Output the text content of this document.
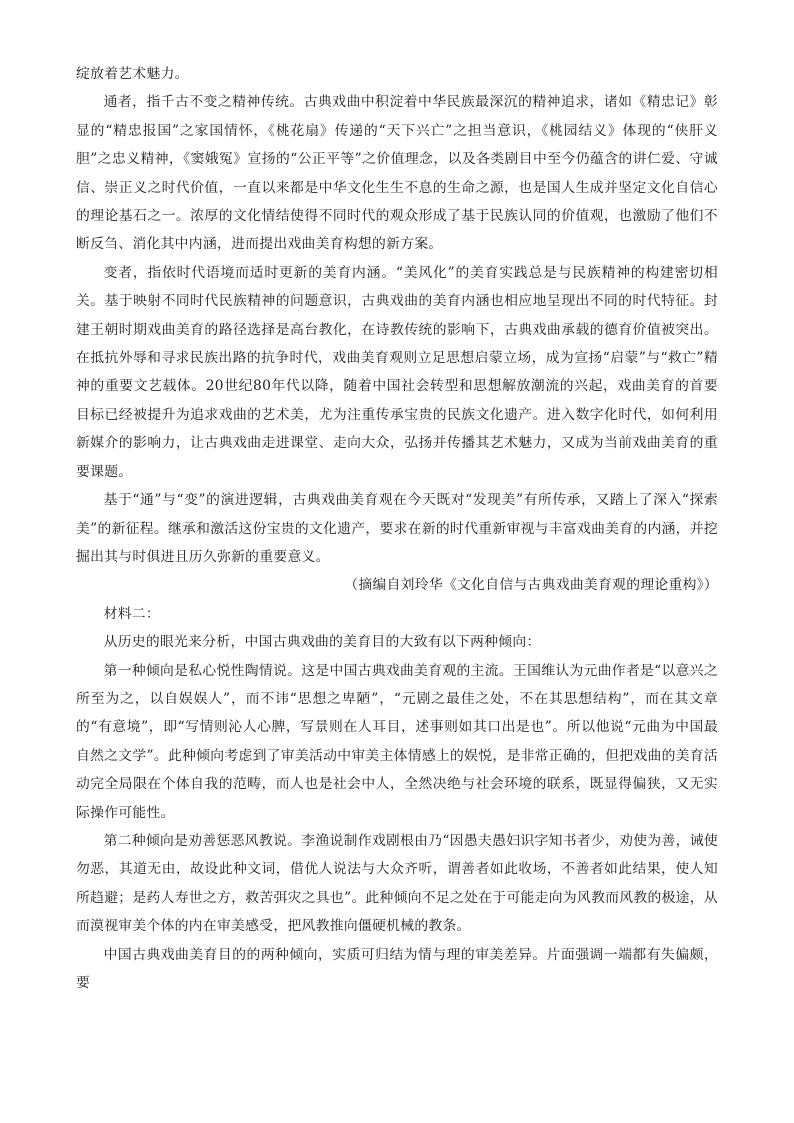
绽放着艺术魅力。

通者，指千古不变之精神传统。古典戏曲中积淀着中华民族最深沉的精神追求，诸如《精忠记》彰显的“精忠报国”之家国情怀，《桃花扇》传递的“天下兴亡”之担当意识，《桃园结义》体现的“侠肝义胆”之忠义精神，《窦娥冤》宣扬的“公正平等”之价值理念，以及各类剧目中至今仍蕴含的讲仁爱、守诚信、崇正义之时代价值，一直以来都是中华文化生生不息的生命之源，也是国人生成并坚定文化自信心的理论基石之一。浓厚的文化情结使得不同时代的观众形成了基于民族认同的价值观，也激励了他们不断反刍、消化其中内涵，进而提出戏曲美育构想的新方案。

变者，指依时代语境而适时更新的美育内涵。“美风化”的美育实践总是与民族精神的构建密切相关。基于映射不同时代民族精神的问题意识，古典戏曲的美育内涵也相应地呈现出不同的时代特征。封建王朝时期戏曲美育的路径选择是高台教化，在诗教传统的影响下，古典戏曲承载的德育价值被突出。在抵抗外辱和寻求民族出路的抗争时代，戏曲美育观则立足思想启蒙立场，成为宣扬“启蒙”与“救亡”精神的重要文艺载体。20世纪80年代以降，随着中国社会转型和思想解放潮流的兴起，戏曲美育的首要目标已经被提升为追求戏曲的艺术美，尤为注重传承宝贵的民族文化遗产。进入数字化时代，如何利用新媒介的影响力，让古典戏曲走进课堂、走向大众，弘扬并传播其艺术魅力，又成为当前戏曲美育的重要课题。

基于“通”与“变”的演进逻辑，古典戏曲美育观在今天既对“发现美”有所传承，又踏上了深入“探索美”的新征程。继承和激活这份宝贵的文化遗产，要求在新的时代重新审视与丰富戏曲美育的内涵，并挖掘出其与时俱进且历久弥新的重要意义。

（摘编自刘玲华《文化自信与古典戏曲美育观的理论重构》）

材料二：

从历史的眼光来分析，中国古典戏曲的美育目的大致有以下两种倾向：

第一种倾向是私心悦性陶情说。这是中国古典戏曲美育观的主流。王国维认为元曲作者是“以意兴之所至为之，以自娱娱人”，而不讳“思想之卑陋”，“元剧之最佳之处，不在其思想结构”，而在其文章的“有意境”，即“写情则沁人心脾，写景则在人耳目，述事则如其口出是也”。所以他说“元曲为中国最自然之文学”。此种倾向考虑到了审美活动中审美主体情感上的娱悦，是非常正确的，但把戏曲的美育活动完全局限在个体自我的范畴，而人也是社会中人，全然决绝与社会环境的联系，既显得偏狭，又无实际操作可能性。

第二种倾向是劝善惩恶风教说。李渔说制作戏剧根由乃“因愚夫愚妇识字知书者少，劝使为善，诫使勿恶，其道无由，故设此种文词，借优人说法与大众齐听，谓善者如此收场，不善者如此结果，使人知所趋避；是药人寿世之方，救苦弭灾之具也”。此种倾向不足之处在于可能走向为风教而风教的极途，从而漠视审美个体的内在审美感受，把风教推向僵硬机械的教条。

中国古典戏曲美育目的的两种倾向，实质可归结为情与理的审美差异。片面强调一端都有失偏颇，要
